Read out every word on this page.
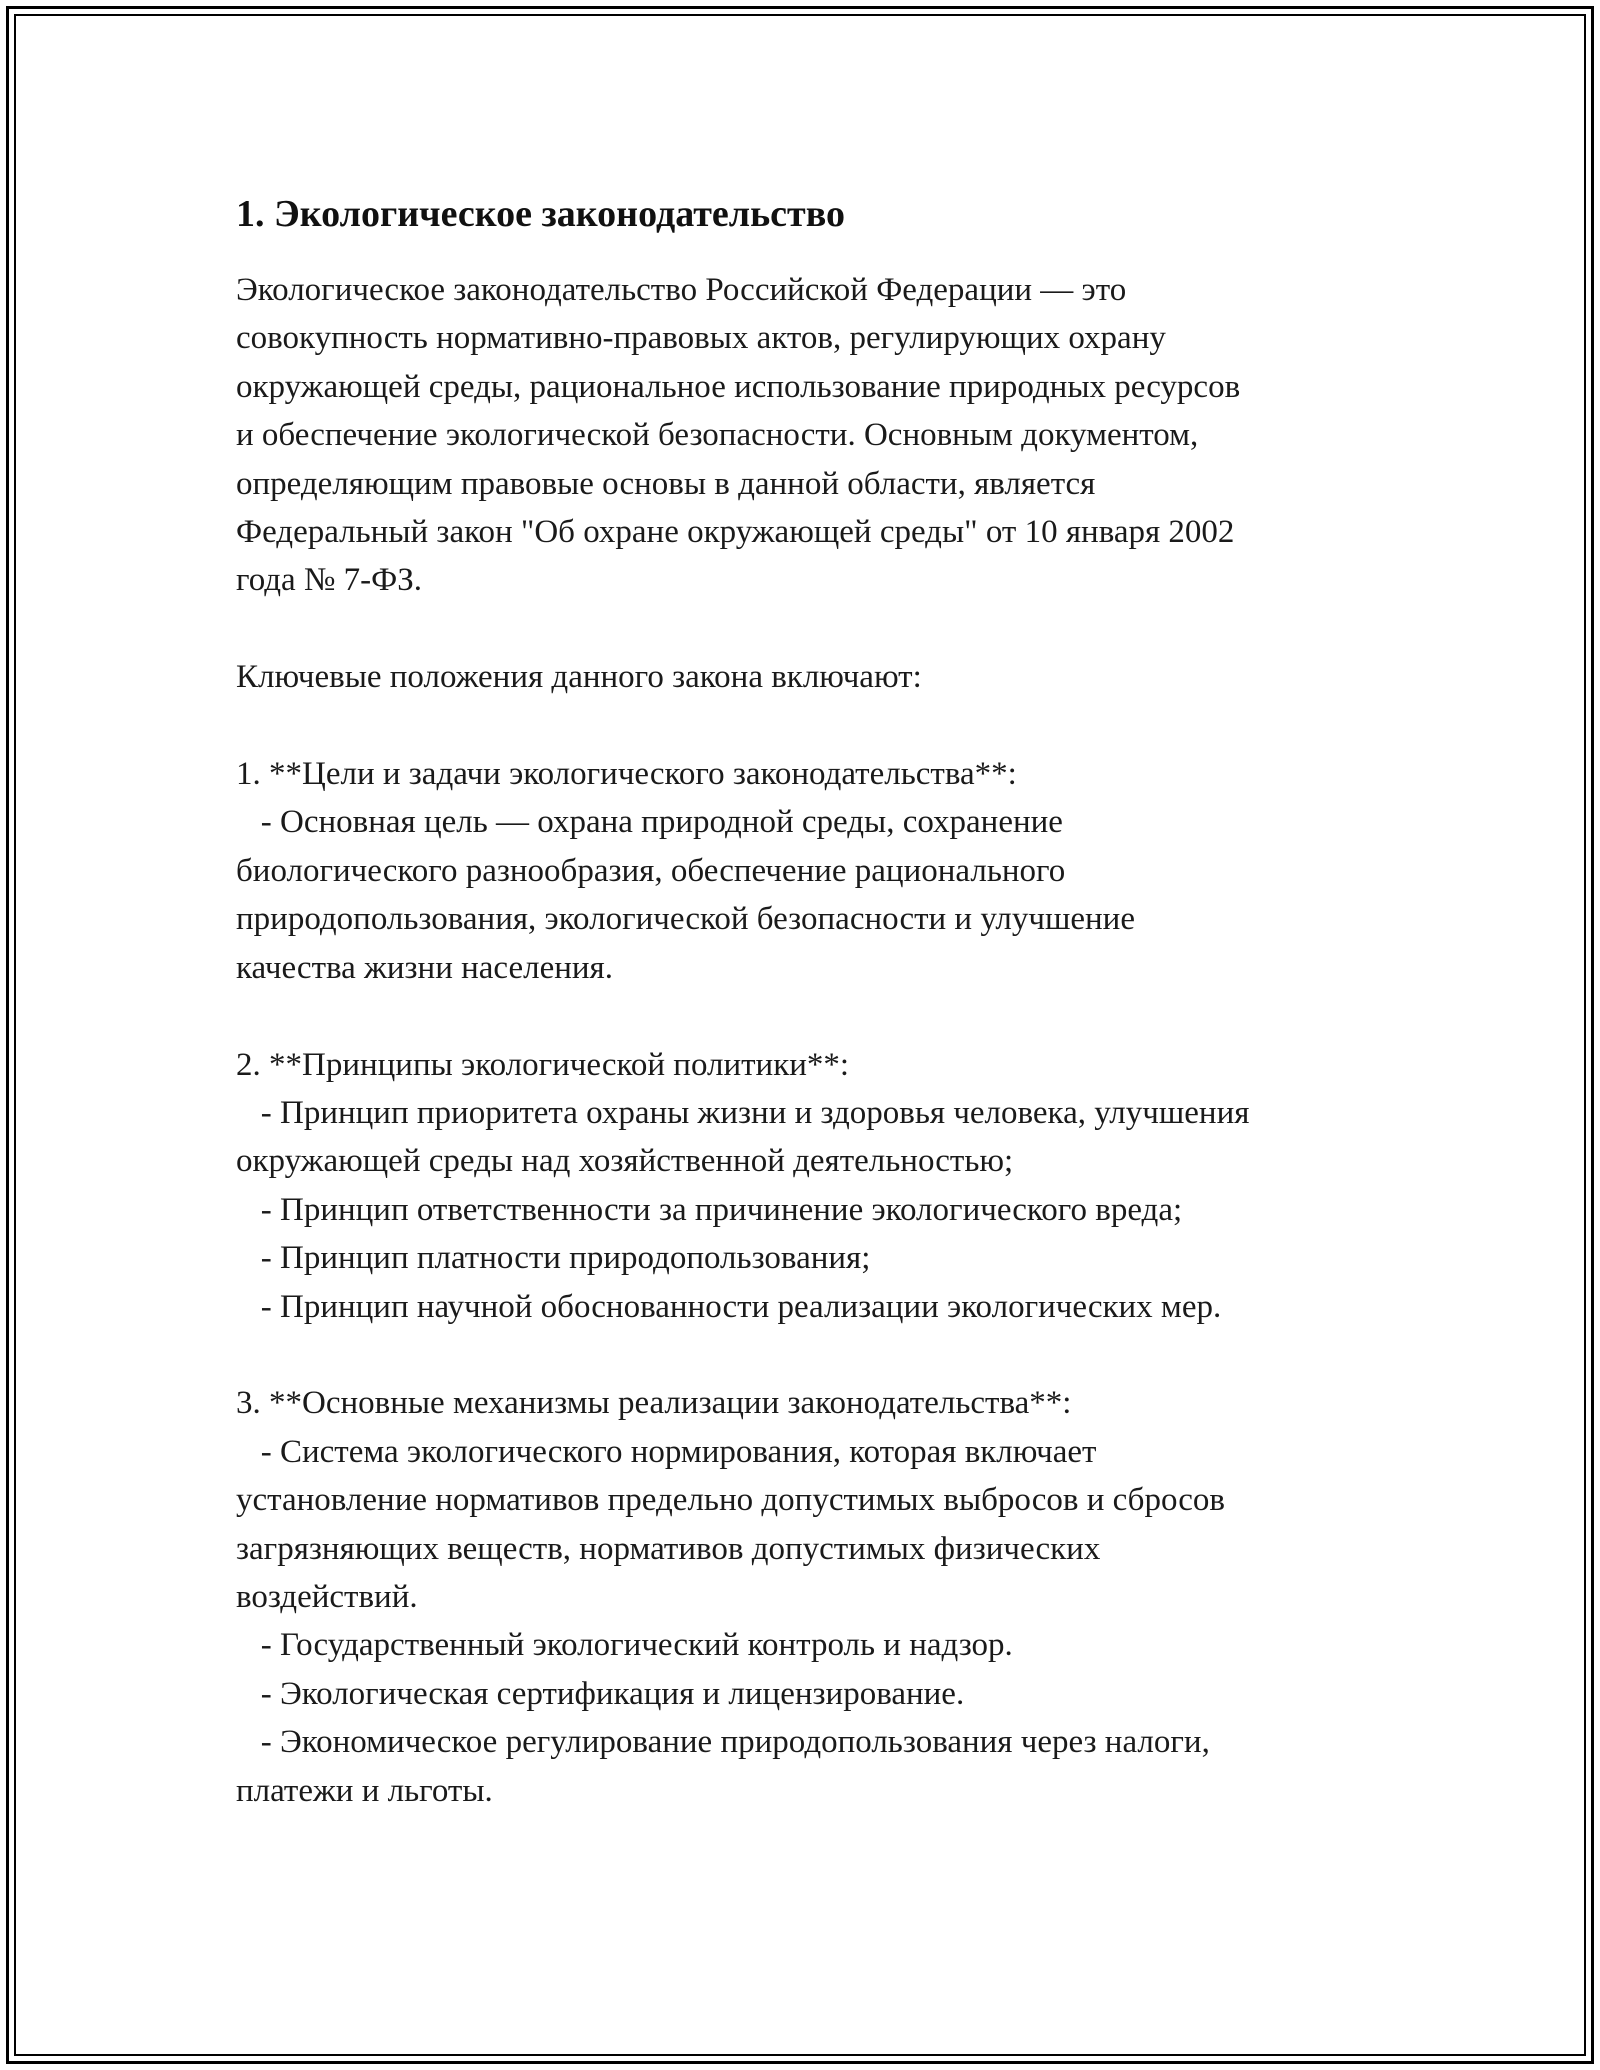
1. Экологическое законодательство

Экологическое законодательство Российской Федерации — это
совокупность нормативно-правовых актов, регулирующих охрану
окружающей среды, рациональное использование природных ресурсов
и обеспечение экологической безопасности. Основным документом,
определяющим правовые основы в данной области, является
Федеральный закон "Об охране окружающей среды" от 10 января 2002
года № 7-ФЗ.

Ключевые положения данного закона включают:

1. **Цели и задачи экологического законодательства**:
- Основная цель — охрана природной среды, сохранение
биологического разнообразия, обеспечение рационального
природопользования, экологической безопасности и улучшение
качества жизни населения.

2. **Принципы экологической политики**:
- Принцип приоритета охраны жизни и здоровья человека, улучшения
окружающей среды над хозяйственной деятельностью;
- Принцип ответственности за причинение экологического вреда;
- Принцип платности природопользования;
- Принцип научной обоснованности реализации экологических мер.

3. **Основные механизмы реализации законодательства**:
- Система экологического нормирования, которая включает
установление нормативов предельно допустимых выбросов и сбросов
загрязняющих веществ, нормативов допустимых физических
воздействий.
- Государственный экологический контроль и надзор.
- Экологическая сертификация и лицензирование.
- Экономическое регулирование природопользования через налоги,
платежи и льготы.
